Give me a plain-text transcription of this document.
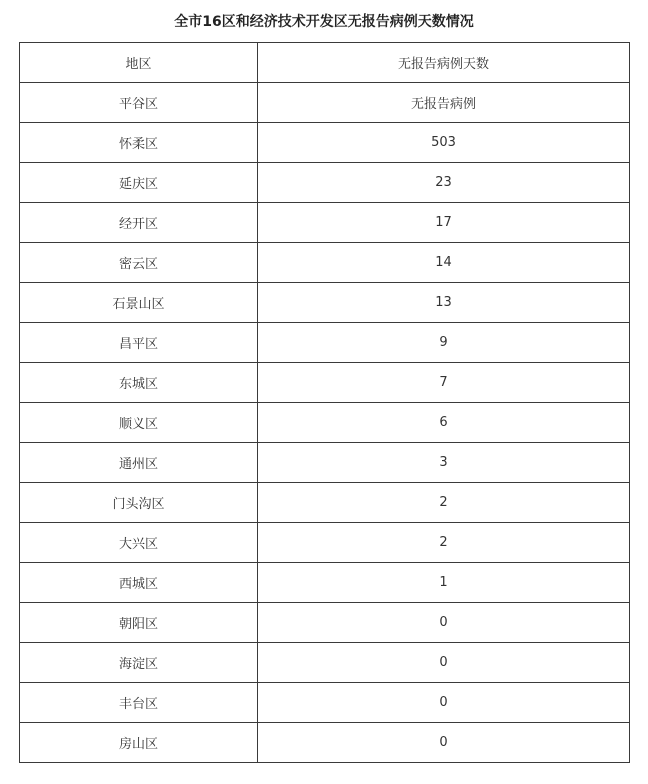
全市16区和经济技术开发区无报告病例天数情况
地区	无报告病例天数
平谷区	无报告病例
怀柔区	503
延庆区	23
经开区	17
密云区	14
石景山区	13
昌平区	9
东城区	7
顺义区	6
通州区	3
门头沟区	2
大兴区	2
西城区	1
朝阳区	0
海淀区	0
丰台区	0
房山区	0
